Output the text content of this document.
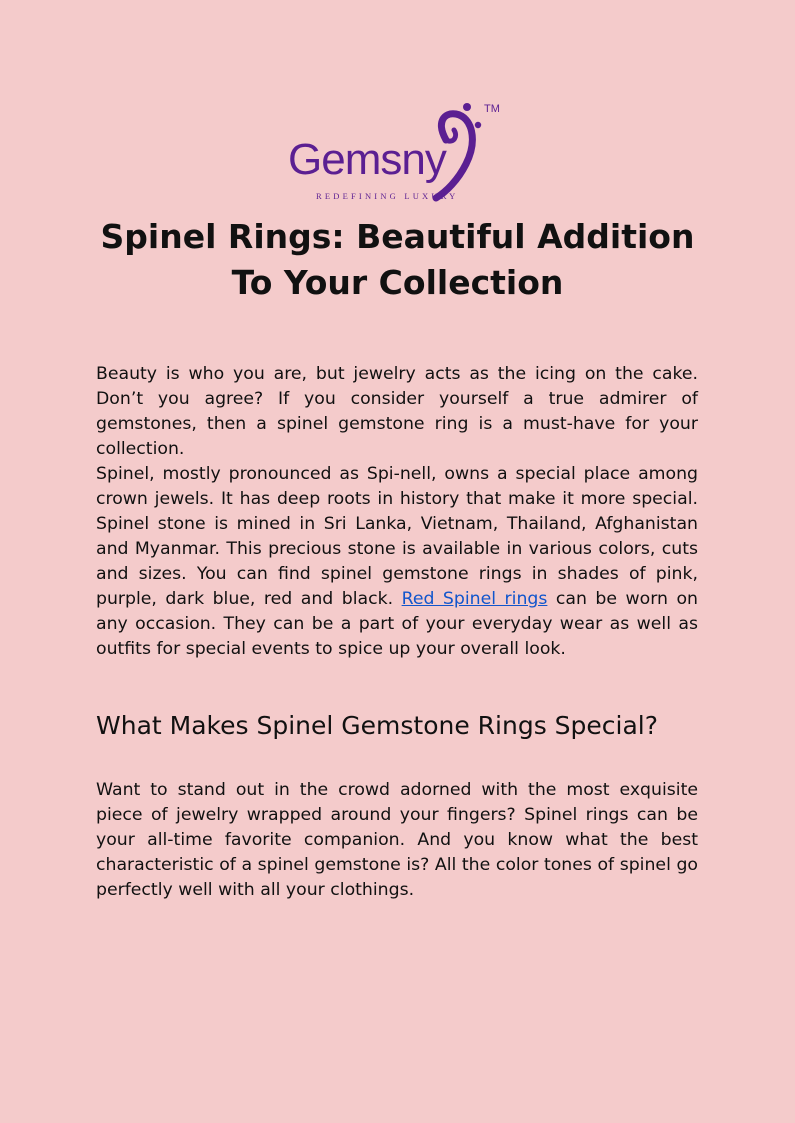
Gemsny
REDEFINING LUXURY
TM
Spinel Rings: Beautiful Addition To Your Collection

Beauty is who you are, but jewelry acts as the icing on the cake. Don’t you agree? If you consider yourself a true admirer of gemstones, then a spinel gemstone ring is a must-have for your collection.

Spinel, mostly pronounced as Spi-nell, owns a special place among crown jewels. It has deep roots in history that make it more special. Spinel stone is mined in Sri Lanka, Vietnam, Thailand, Afghanistan and Myanmar. This precious stone is available in various colors, cuts and sizes. You can find spinel gemstone rings in shades of pink, purple, dark blue, red and black. Red Spinel rings can be worn on any occasion. They can be a part of your everyday wear as well as outfits for special events to spice up your overall look.

What Makes Spinel Gemstone Rings Special?

Want to stand out in the crowd adorned with the most exquisite piece of jewelry wrapped around your fingers? Spinel rings can be your all-time favorite companion. And you know what the best characteristic of a spinel gemstone is? All the color tones of spinel go perfectly well with all your clothings.
